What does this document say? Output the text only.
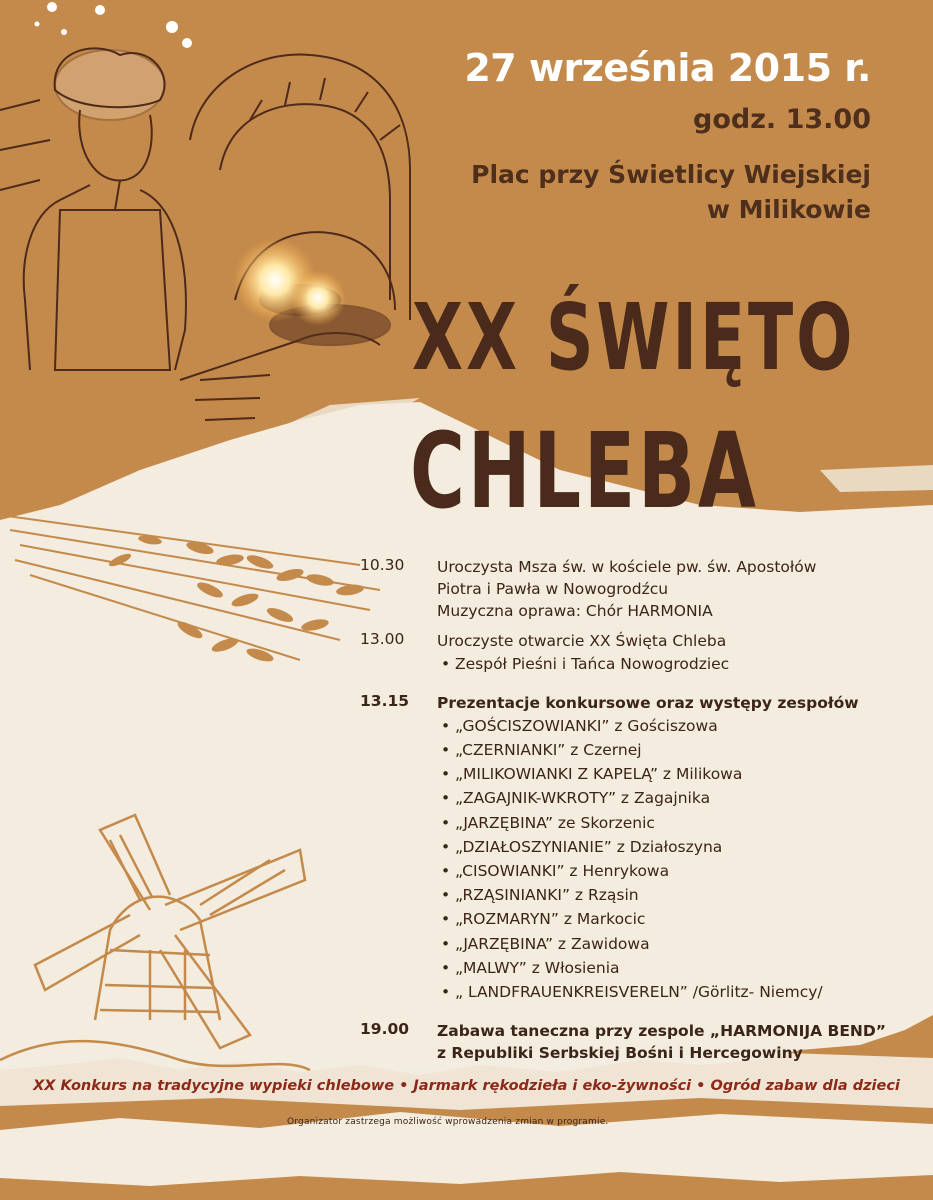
27 września 2015 r.
godz. 13.00
Plac przy Świetlicy Wiejskiej
w Milikowie
XX ŚWIĘTO
CHLEBA
10.30	Uroczysta Msza św. w kościele pw. św. Apostołów
Piotra i Pawła w Nowogrodźcu
Muzyczna oprawa: Chór HARMONIA
13.00	Uroczyste otwarcie XX Święta Chleba
• Zespół Pieśni i Tańca Nowogrodziec
13.15	Prezentacje konkursowe oraz występy zespołów
• „GOŚCISZOWIANKI” z Gościszowa
• „CZERNIANKI” z Czernej
• „MILIKOWIANKI Z KAPELĄ” z Milikowa
• „ZAGAJNIK-WKROTY” z Zagajnika
• „JARZĘBINA” ze Skorzenic
• „DZIAŁOSZYNIANIE” z Działoszyna
• „CISOWIANKI” z Henrykowa
• „RZĄSINIANKI” z Rząsin
• „ROZMARYN” z Markocic
• „JARZĘBINA” z Zawidowa
• „MALWY” z Włosienia
• „ LANDFRAUENKREISVERELN” /Görlitz- Niemcy/
19.00	Zabawa taneczna przy zespole „HARMONIJA BEND”
z Republiki Serbskiej Bośni i Hercegowiny
XX Konkurs na tradycyjne wypieki chlebowe • Jarmark rękodzieła i eko-żywności • Ogród zabaw dla dzieci
Organizator zastrzega możliwość wprowadzenia zmian w programie.
